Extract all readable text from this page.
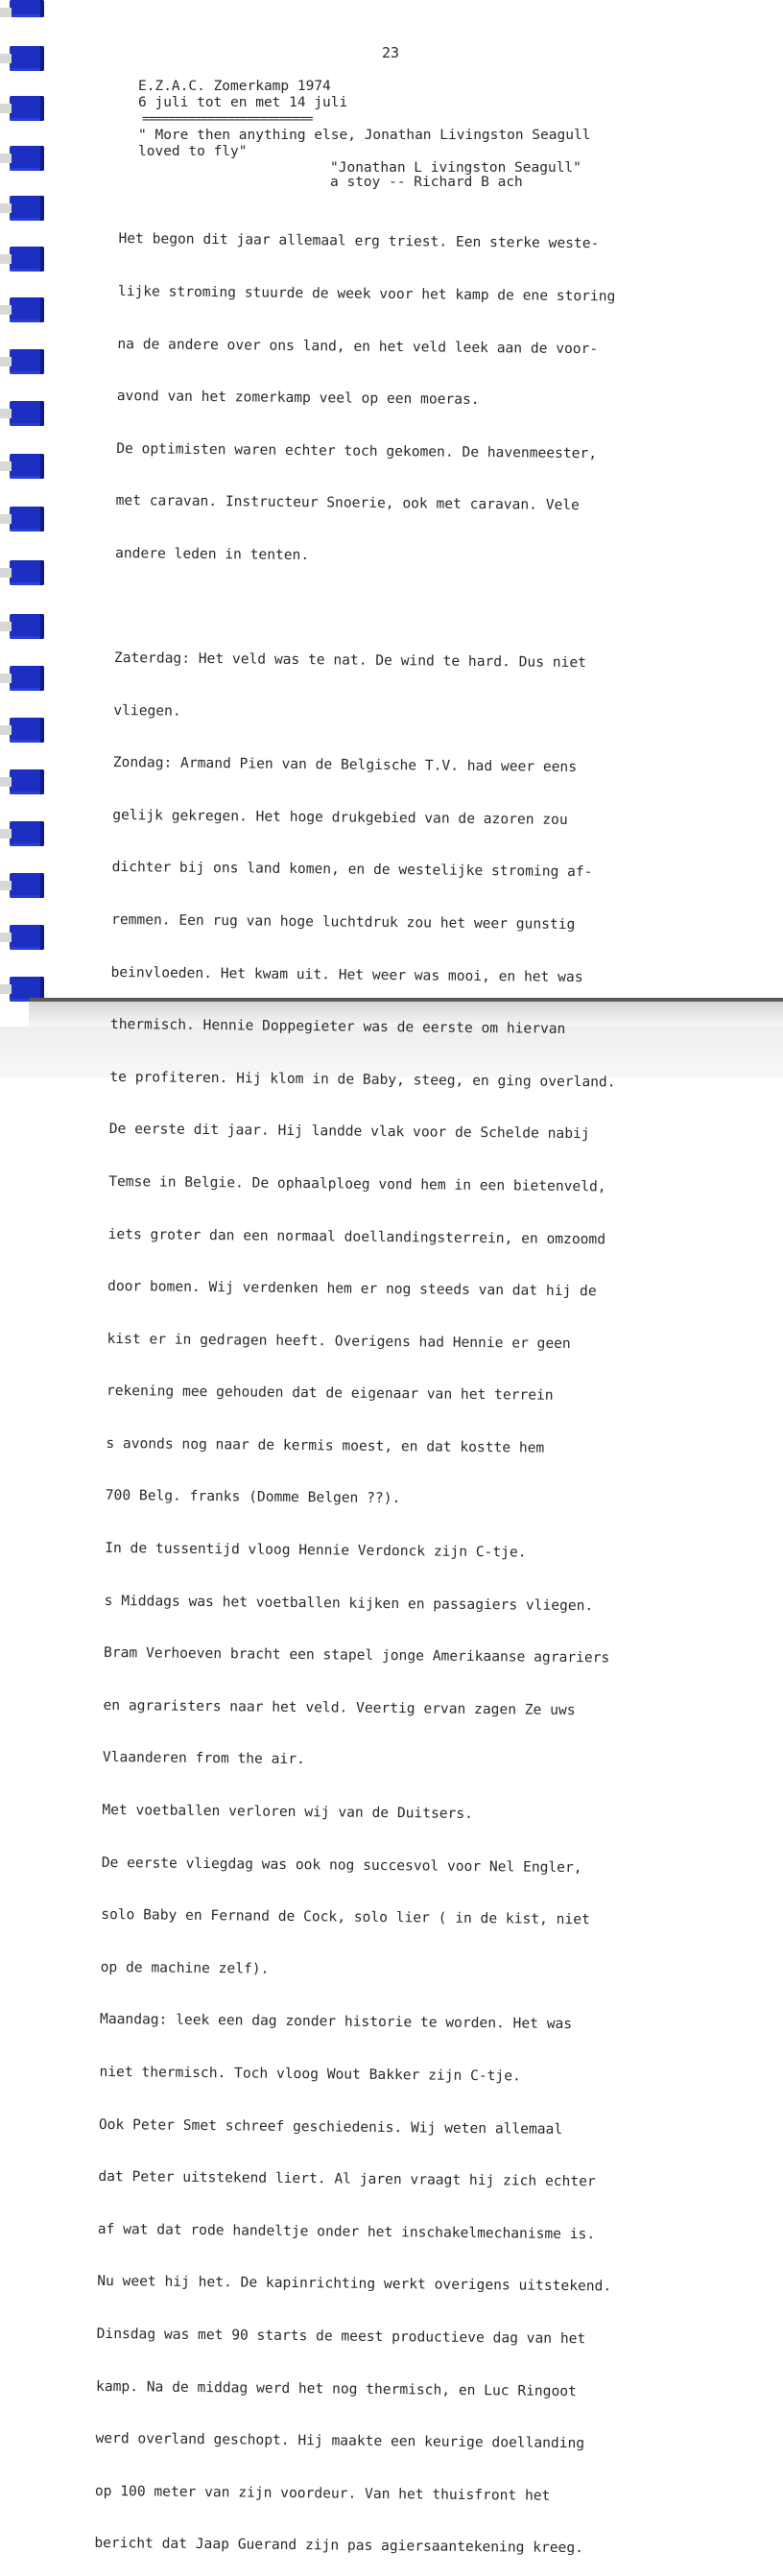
23
E.Z.A.C. Zomerkamp 1974
6 juli tot en met 14 juli
==========================
" More then anything else, Jonathan Livingston Seagull
loved to fly"
"Jonathan L ivingston Seagull"
a stoy -- Richard B ach

Het begon dit jaar allemaal erg triest. Een sterke weste-

lijke stroming stuurde de week voor het kamp de ene storing

na de andere over ons land, en het veld leek aan de voor-

avond van het zomerkamp veel op een moeras.

De optimisten waren echter toch gekomen. De havenmeester,

met caravan. Instructeur Snoerie, ook met caravan. Vele

andere leden in tenten.

Zaterdag: Het veld was te nat. De wind te hard. Dus niet

vliegen.

Zondag: Armand Pien van de Belgische T.V. had weer eens

gelijk gekregen. Het hoge drukgebied van de azoren zou

dichter bij ons land komen, en de westelijke stroming af-

remmen. Een rug van hoge luchtdruk zou het weer gunstig

beinvloeden. Het kwam uit. Het weer was mooi, en het was

thermisch. Hennie Doppegieter was de eerste om hiervan

te profiteren. Hij klom in de Baby, steeg, en ging overland.

De eerste dit jaar. Hij landde vlak voor de Schelde nabij

Temse in Belgie. De ophaalploeg vond hem in een bietenveld,

iets groter dan een normaal doellandingsterrein, en omzoomd

door bomen. Wij verdenken hem er nog steeds van dat hij de

kist er in gedragen heeft. Overigens had Hennie er geen

rekening mee gehouden dat de eigenaar van het terrein

s avonds nog naar de kermis moest, en dat kostte hem

700 Belg. franks (Domme Belgen ??).

In de tussentijd vloog Hennie Verdonck zijn C-tje.

s Middags was het voetballen kijken en passagiers vliegen.

Bram Verhoeven bracht een stapel jonge Amerikaanse agrariers

en agraristers naar het veld. Veertig ervan zagen Ze uws

Vlaanderen from the air.

Met voetballen verloren wij van de Duitsers.

De eerste vliegdag was ook nog succesvol voor Nel Engler,

solo Baby en Fernand de Cock, solo lier ( in de kist, niet

op de machine zelf).

Maandag: leek een dag zonder historie te worden. Het was

niet thermisch. Toch vloog Wout Bakker zijn C-tje.

Ook Peter Smet schreef geschiedenis. Wij weten allemaal

dat Peter uitstekend liert. Al jaren vraagt hij zich echter

af wat dat rode handeltje onder het inschakelmechanisme is.

Nu weet hij het. De kapinrichting werkt overigens uitstekend.

Dinsdag was met 90 starts de meest productieve dag van het

kamp. Na de middag werd het nog thermisch, en Luc Ringoot

werd overland geschopt. Hij maakte een keurige doellanding

op 100 meter van zijn voordeur. Van het thuisfront het

bericht dat Jaap Guerand zijn pas agiersaantekening kreeg.
